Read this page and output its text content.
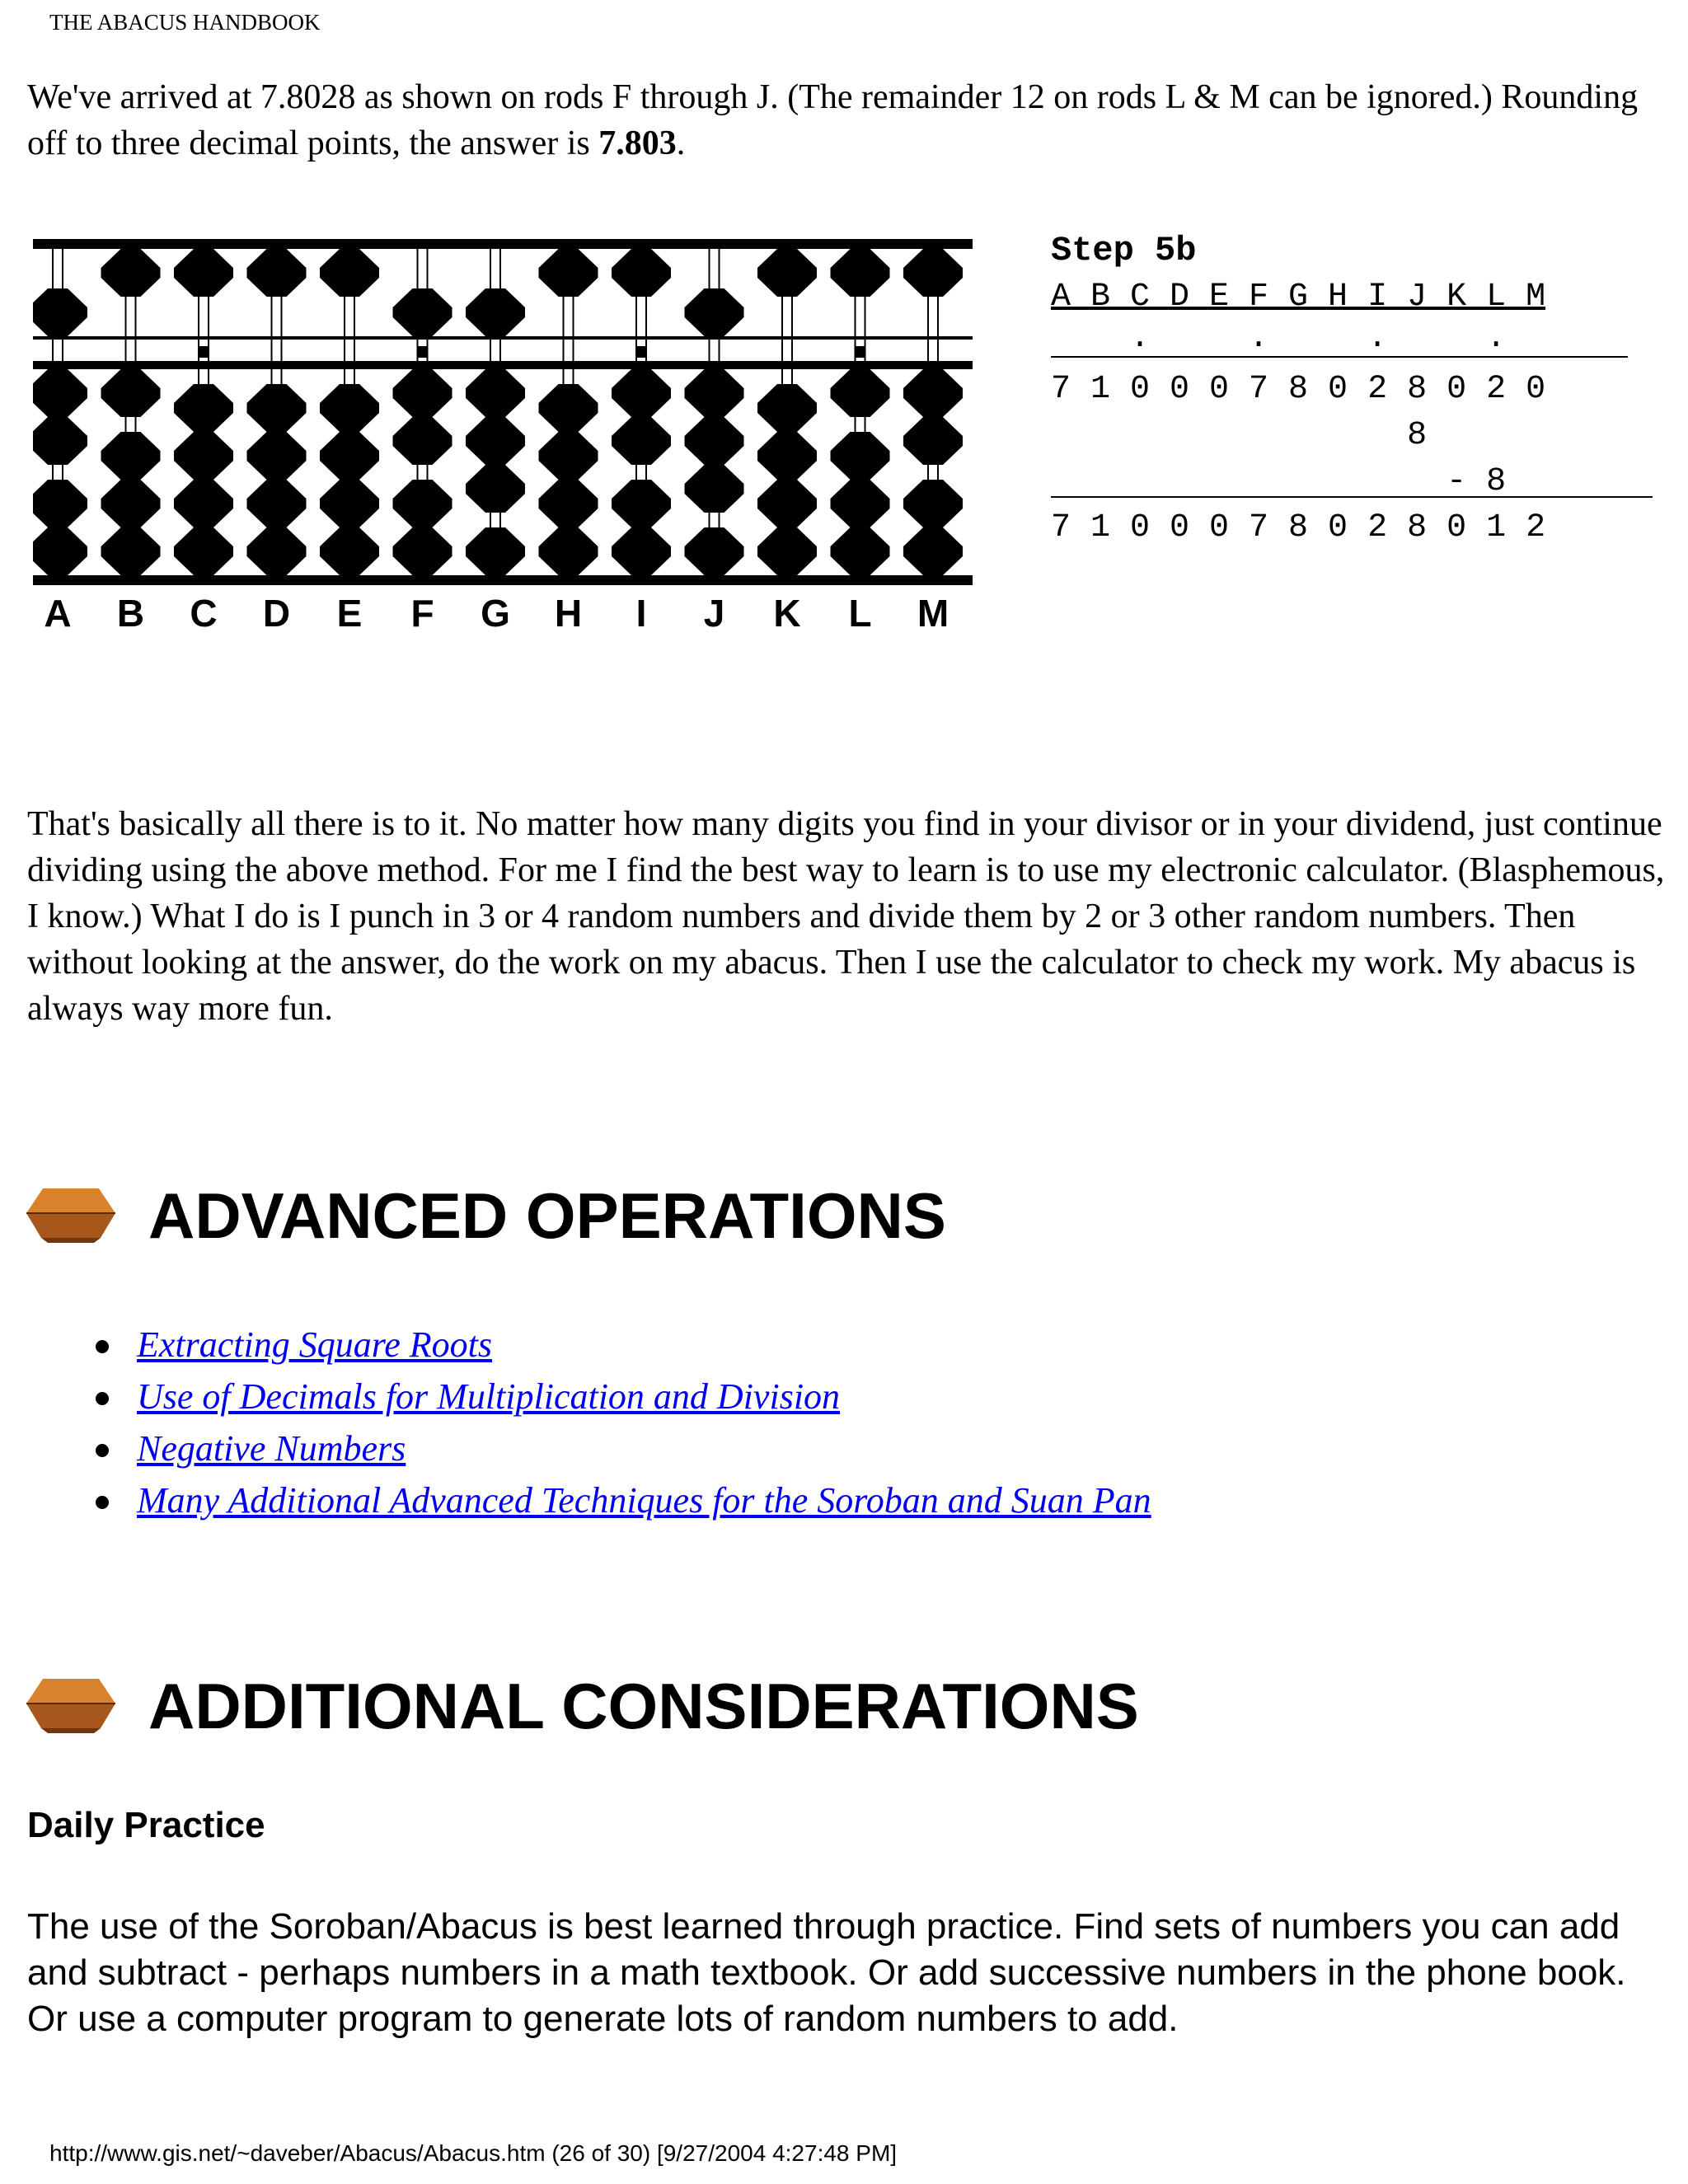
THE ABACUS HANDBOOK

We've arrived at 7.8028 as shown on rods F through J. (The remainder 12 on rods L & M can be ignored.) Rounding off to three decimal points, the answer is 7.803.

A B C D E F G H I J K L M
Step 5b
A B C D E F G H I J K L M
.     .     .     .
7 1 0 0 0 7 8 0 2 8 0 2 0
8
- 8
7 1 0 0 0 7 8 0 2 8 0 1 2

That's basically all there is to it. No matter how many digits you find in your divisor or in your dividend, just continue dividing using the above method. For me I find the best way to learn is to use my electronic calculator. (Blasphemous, I know.) What I do is I punch in 3 or 4 random numbers and divide them by 2 or 3 other random numbers. Then without looking at the answer, do the work on my abacus. Then I use the calculator to check my work. My abacus is always way more fun.

ADVANCED OPERATIONS
Extracting Square Roots
Use of Decimals for Multiplication and Division
Negative Numbers
Many Additional Advanced Techniques for the Soroban and Suan Pan
ADDITIONAL CONSIDERATIONS
Daily Practice

The use of the Soroban/Abacus is best learned through practice. Find sets of numbers you can add and subtract - perhaps numbers in a math textbook. Or add successive numbers in the phone book. Or use a computer program to generate lots of random numbers to add.

http://www.gis.net/~daveber/Abacus/Abacus.htm (26 of 30) [9/27/2004 4:27:48 PM]
